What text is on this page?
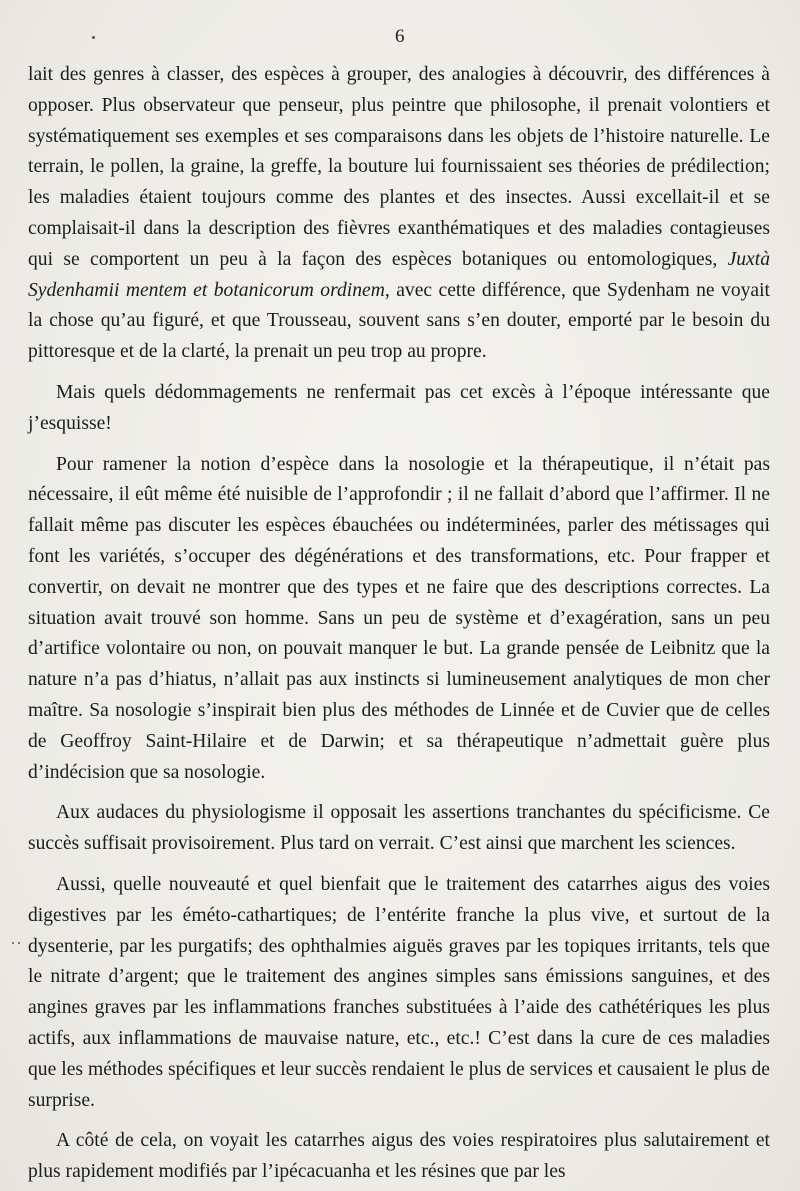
6

lait des genres à classer, des espèces à grouper, des analogies à découvrir, des différences à opposer. Plus observateur que penseur, plus peintre que philosophe, il prenait volontiers et systématiquement ses exemples et ses comparaisons dans les objets de l’histoire naturelle. Le terrain, le pollen, la graine, la greffe, la bouture lui fournissaient ses théories de prédilection; les maladies étaient toujours comme des plantes et des insectes. Aussi excellait-il et se complaisait-il dans la description des fièvres exanthématiques et des maladies contagieuses qui se comportent un peu à la façon des espèces botaniques ou entomologiques, Juxtà Sydenhamii mentem et botanicorum ordinem, avec cette différence, que Sydenham ne voyait la chose qu’au figuré, et que Trousseau, souvent sans s’en douter, emporté par le besoin du pittoresque et de la clarté, la prenait un peu trop au propre.

Mais quels dédommagements ne renfermait pas cet excès à l’époque intéressante que j’esquisse!

Pour ramener la notion d’espèce dans la nosologie et la thérapeutique, il n’était pas nécessaire, il eût même été nuisible de l’approfondir ; il ne fallait d’abord que l’affirmer. Il ne fallait même pas discuter les espèces ébauchées ou indéterminées, parler des métissages qui font les variétés, s’occuper des dégénérations et des transformations, etc. Pour frapper et convertir, on devait ne montrer que des types et ne faire que des descriptions correctes. La situation avait trouvé son homme. Sans un peu de système et d’exagération, sans un peu d’artifice volontaire ou non, on pouvait manquer le but. La grande pensée de Leibnitz que la nature n’a pas d’hiatus, n’allait pas aux instincts si lumineusement analytiques de mon cher maître. Sa nosologie s’inspirait bien plus des méthodes de Linnée et de Cuvier que de celles de Geoffroy Saint-Hilaire et de Darwin; et sa thérapeutique n’admettait guère plus d’indécision que sa nosologie.

Aux audaces du physiologisme il opposait les assertions tranchantes du spécificisme. Ce succès suffisait provisoirement. Plus tard on verrait. C’est ainsi que marchent les sciences.

Aussi, quelle nouveauté et quel bienfait que le traitement des catarrhes aigus des voies digestives par les éméto-cathartiques; de l’entérite franche la plus vive, et surtout de la dysenterie, par les purgatifs; des ophthalmies aiguës graves par les topiques irritants, tels que le nitrate d’argent; que le traitement des angines simples sans émissions sanguines, et des angines graves par les inflammations franches substituées à l’aide des cathétériques les plus actifs, aux inflammations de mauvaise nature, etc., etc.! C’est dans la cure de ces maladies que les méthodes spécifiques et leur succès rendaient le plus de services et causaient le plus de surprise.

A côté de cela, on voyait les catarrhes aigus des voies respiratoires plus salutairement et plus rapidement modifiés par l’ipécacuanha et les résines que par les
